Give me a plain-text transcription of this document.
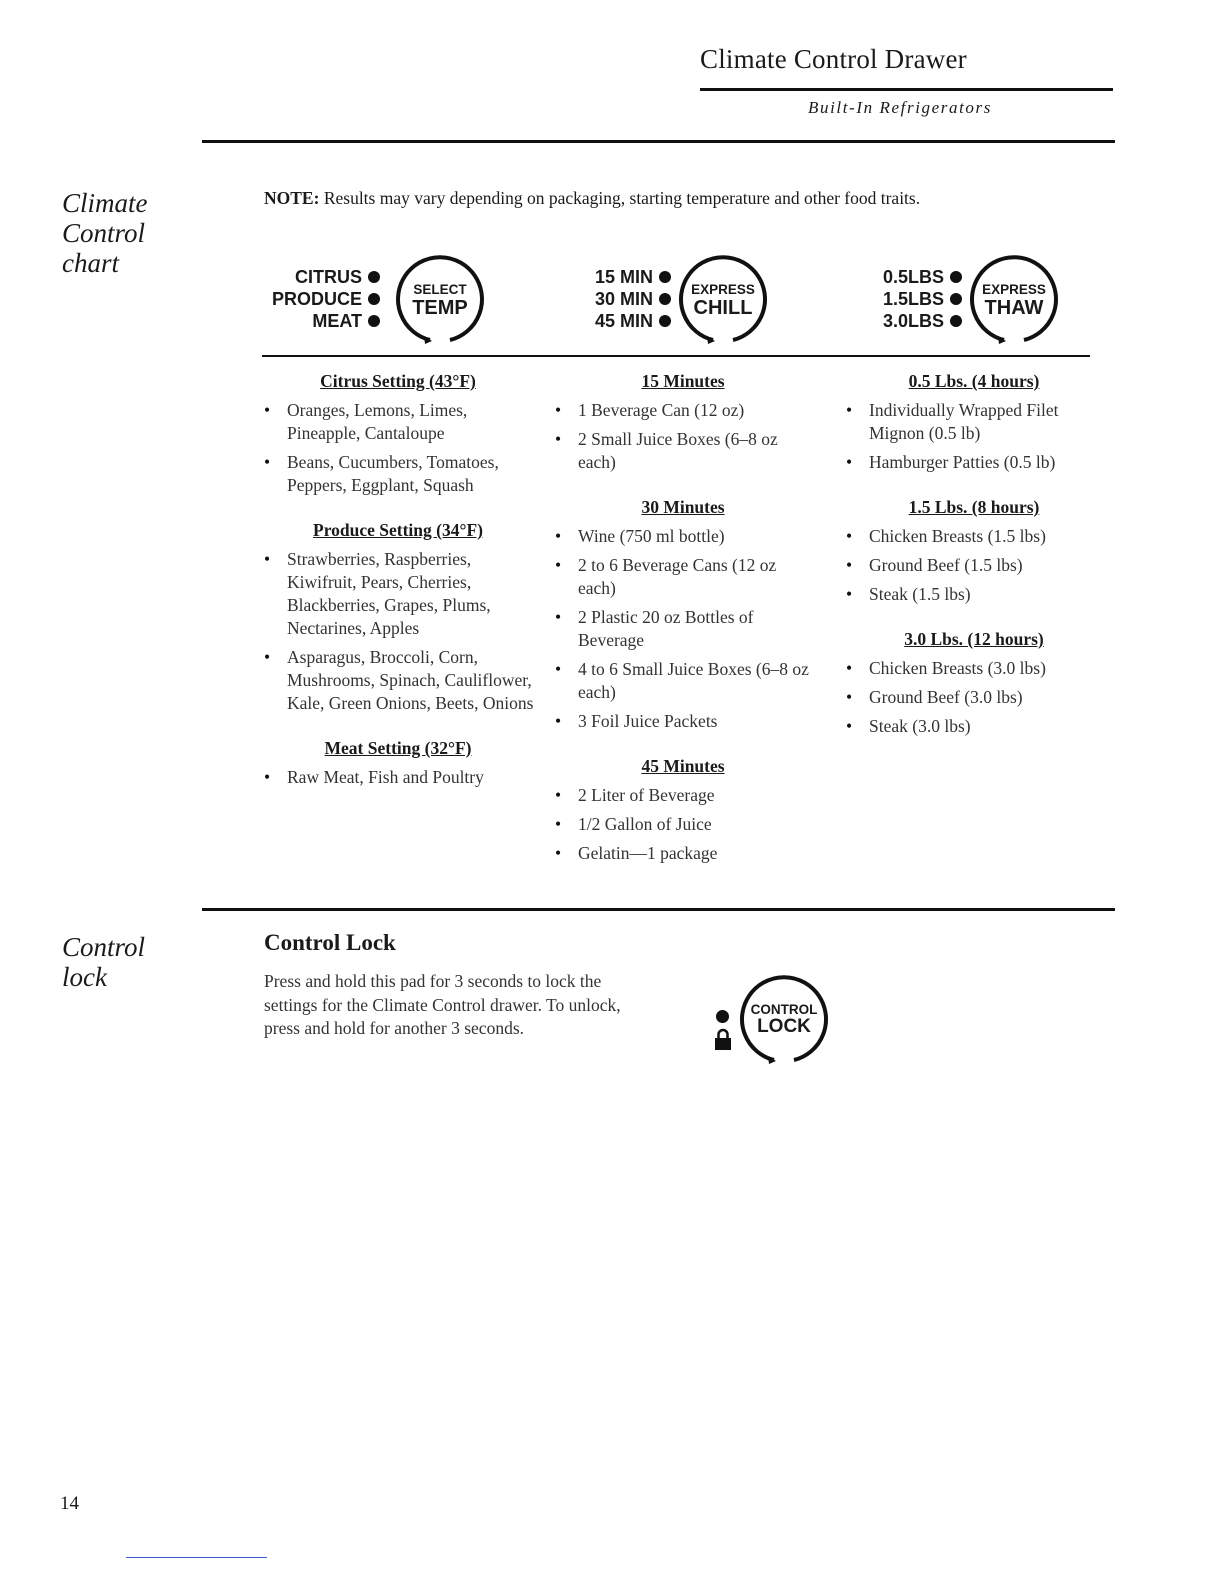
Climate Control Drawer
Built-In Refrigerators
Climate Control chart
NOTE: Results may vary depending on packaging, starting temperature and other food traits.
CITRUS
PRODUCE
MEAT
SELECT
TEMP
15 MIN
30 MIN
45 MIN
EXPRESS
CHILL
0.5LBS
1.5LBS
3.0LBS
EXPRESS
THAW
Citrus Setting (43°F)
• Oranges, Lemons, Limes, Pineapple, Cantaloupe
• Beans, Cucumbers, Tomatoes, Peppers, Eggplant, Squash
Produce Setting (34°F)
• Strawberries, Raspberries, Kiwifruit, Pears, Cherries, Blackberries, Grapes, Plums, Nectarines, Apples
• Asparagus, Broccoli, Corn, Mushrooms, Spinach, Cauliflower, Kale, Green Onions, Beets, Onions
Meat Setting (32°F)
• Raw Meat, Fish and Poultry
15 Minutes
• 1 Beverage Can (12 oz)
• 2 Small Juice Boxes (6–8 oz each)
30 Minutes
• Wine (750 ml bottle)
• 2 to 6 Beverage Cans (12 oz each)
• 2 Plastic 20 oz Bottles of Beverage
• 4 to 6 Small Juice Boxes (6–8 oz each)
• 3 Foil Juice Packets
45 Minutes
• 2 Liter of Beverage
• 1/2 Gallon of Juice
• Gelatin—1 package
0.5 Lbs. (4 hours)
• Individually Wrapped Filet Mignon (0.5 lb)
• Hamburger Patties (0.5 lb)
1.5 Lbs. (8 hours)
• Chicken Breasts (1.5 lbs)
• Ground Beef (1.5 lbs)
• Steak (1.5 lbs)
3.0 Lbs. (12 hours)
• Chicken Breasts (3.0 lbs)
• Ground Beef (3.0 lbs)
• Steak (3.0 lbs)
Control lock
Control Lock
Press and hold this pad for 3 seconds to lock the settings for the Climate Control drawer. To unlock, press and hold for another 3 seconds.
CONTROL
LOCK
14
